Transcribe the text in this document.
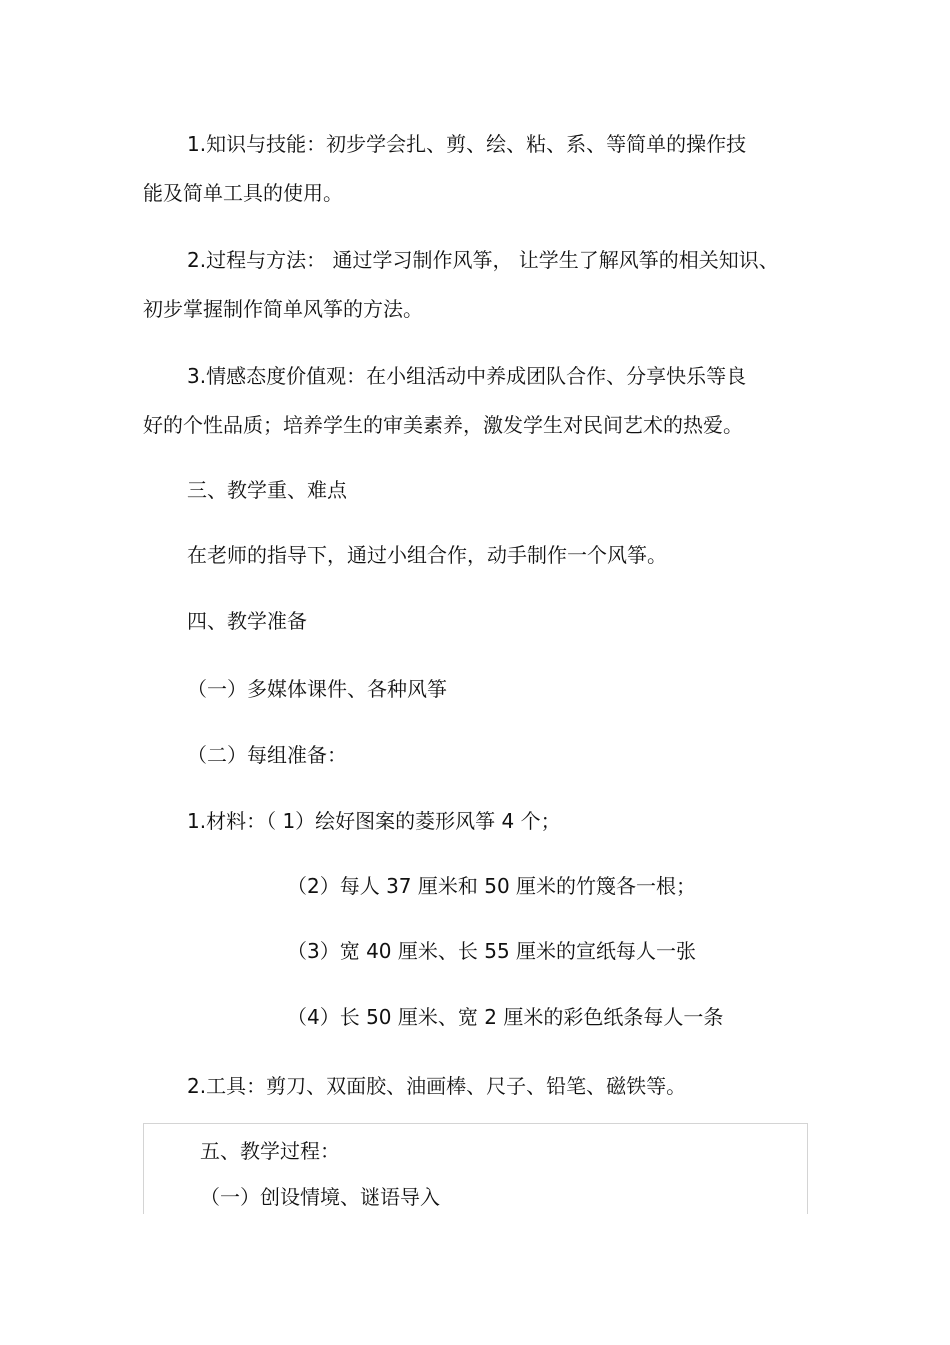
1.知识与技能：初步学会扎、剪、绘、粘、系、等简单的操作技
能及简单工具的使用。
2.过程与方法： 通过学习制作风筝， 让学生了解风筝的相关知识、
初步掌握制作简单风筝的方法。
3.情感态度价值观：在小组活动中养成团队合作、分享快乐等良
好的个性品质；培养学生的审美素养，激发学生对民间艺术的热爱。
三、教学重、难点
在老师的指导下，通过小组合作，动手制作一个风筝。
四、教学准备
（一）多媒体课件、各种风筝
（二）每组准备：
1.材料：（ 1）绘好图案的菱形风筝 4 个；
（2）每人 37 厘米和 50 厘米的竹篾各一根；
（3）宽 40 厘米、长 55 厘米的宣纸每人一张
（4）长 50 厘米、宽 2 厘米的彩色纸条每人一条
2.工具：剪刀、双面胶、油画棒、尺子、铅笔、磁铁等。
五、教学过程：
（一）创设情境、谜语导入
